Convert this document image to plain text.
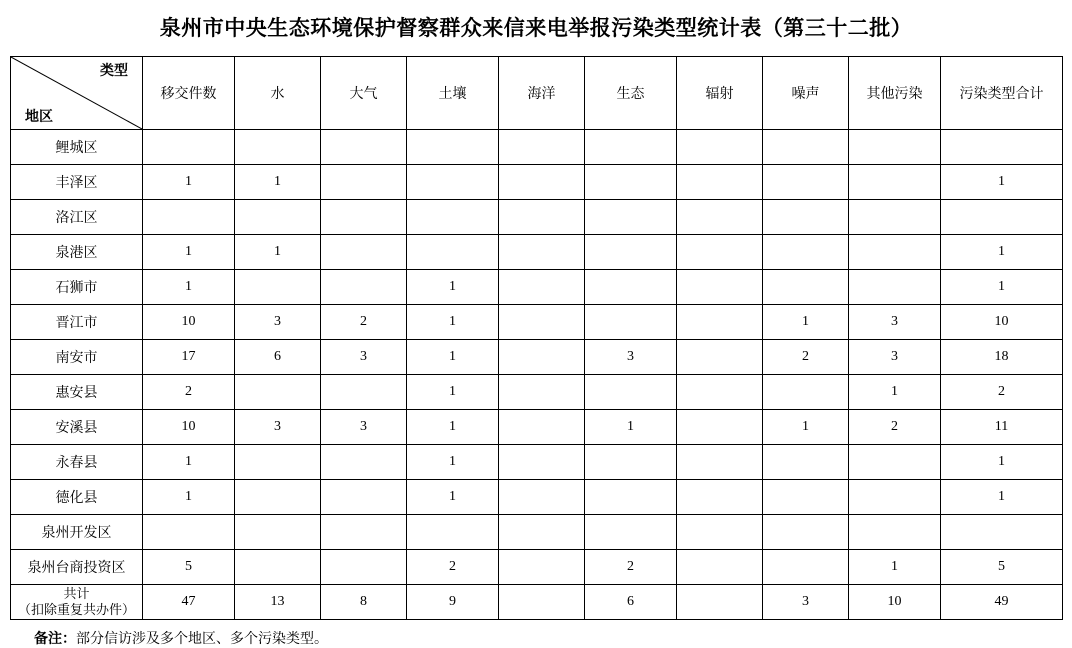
泉州市中央生态环境保护督察群众来信来电举报污染类型统计表（第三十二批）
类型
地区	移交件数	水	大气	土壤	海洋	生态	辐射	噪声	其他污染	污染类型合计
鲤城区										
丰泽区	1	1								1
洛江区										
泉港区	1	1								1
石狮市	1			1						1
晋江市	10	3	2	1				1	3	10
南安市	17	6	3	1		3		2	3	18
惠安县	2			1					1	2
安溪县	10	3	3	1		1		1	2	11
永春县	1			1						1
德化县	1			1						1
泉州开发区										
泉州台商投资区	5			2		2			1	5

共计
（扣除重复共办件）	47	13	8	9		6		3	10	49
备注：部分信访涉及多个地区、多个污染类型。
